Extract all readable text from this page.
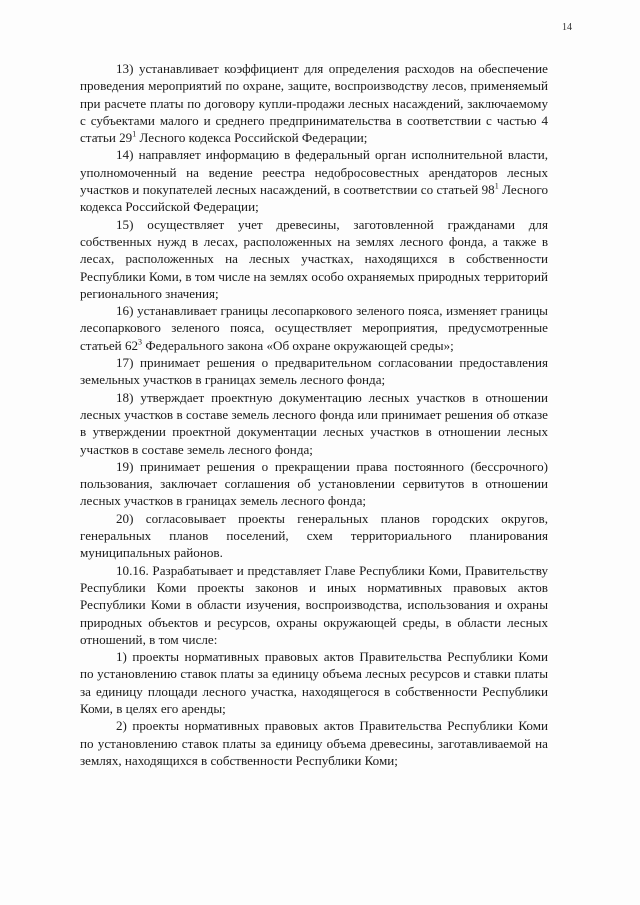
14

13) устанавливает коэффициент для определения расходов на обеспечение проведения мероприятий по охране, защите, воспроизводству лесов, применяемый при расчете платы по договору купли-продажи лесных насаждений, заключаемому с субъектами малого и среднего предпринимательства в соответствии с частью 4 статьи $29^1$ Лесного кодекса Российской Федерации;

14) направляет информацию в федеральный орган исполнительной власти, уполномоченный на ведение реестра недобросовестных арендаторов лесных участков и покупателей лесных насаждений, в соответствии со статьей $98^1$ Лесного кодекса Российской Федерации;

15) осуществляет учет древесины, заготовленной гражданами для собственных нужд в лесах, расположенных на землях лесного фонда, а также в лесах, расположенных на лесных участках, находящихся в собственности Республики Коми, в том числе на землях особо охраняемых природных территорий регионального значения;

16) устанавливает границы лесопаркового зеленого пояса, изменяет границы лесопаркового зеленого пояса, осуществляет мероприятия, предусмотренные статьей $62^3$ Федерального закона «Об охране окружающей среды»;

17) принимает решения о предварительном согласовании предоставления земельных участков в границах земель лесного фонда;

18) утверждает проектную документацию лесных участков в отношении лесных участков в составе земель лесного фонда или принимает решения об отказе в утверждении проектной документации лесных участков в отношении лесных участков в составе земель лесного фонда;

19) принимает решения о прекращении права постоянного (бессрочного) пользования, заключает соглашения об установлении сервитутов в отношении лесных участков в границах земель лесного фонда;

20) согласовывает проекты генеральных планов городских округов, генеральных планов поселений, схем территориального планирования муниципальных районов.

10.16. Разрабатывает и представляет Главе Республики Коми, Правительству Республики Коми проекты законов и иных нормативных правовых актов Республики Коми в области изучения, воспроизводства, использования и охраны природных объектов и ресурсов, охраны окружающей среды, в области лесных отношений, в том числе:

1) проекты нормативных правовых актов Правительства Республики Коми по установлению ставок платы за единицу объема лесных ресурсов и ставки платы за единицу площади лесного участка, находящегося в собственности Республики Коми, в целях его аренды;

2) проекты нормативных правовых актов Правительства Республики Коми по установлению ставок платы за единицу объема древесины, заготавливаемой на землях, находящихся в собственности Республики Коми;
